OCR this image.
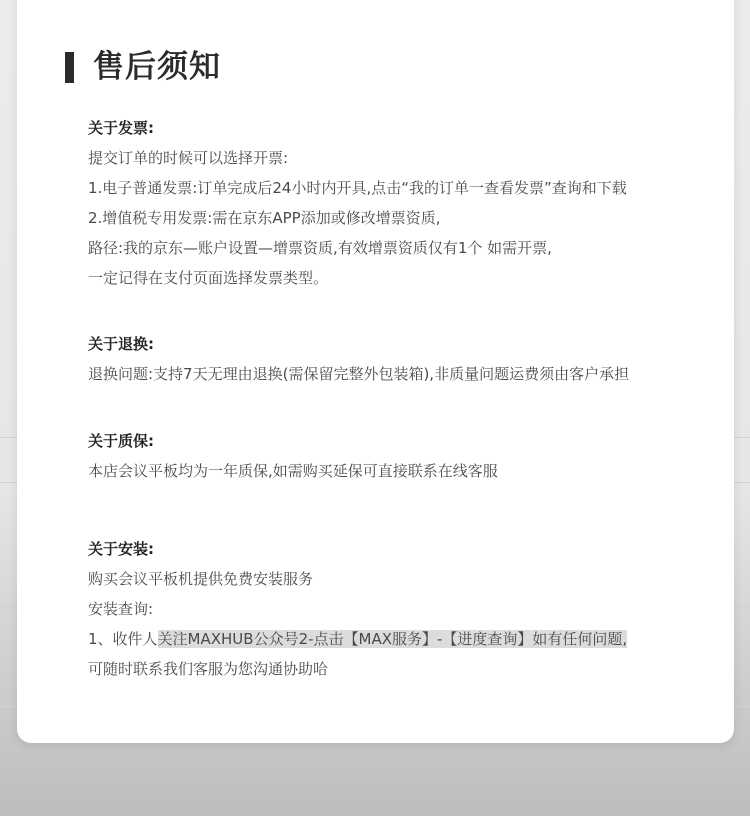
售后须知
关于发票:
提交订单的时候可以选择开票:
1.电子普通发票:订单完成后24小时内开具,点击“我的订单一查看发票”查询和下载
2.增值税专用发票:需在京东APP添加或修改增票资质,
路径:我的京东—账户设置—增票资质,有效增票资质仅有1个 如需开票,
一定记得在支付页面选择发票类型。
关于退换:
退换问题:支持7天无理由退换(需保留完整外包装箱),非质量问题运费须由客户承担
关于质保:
本店会议平板均为一年质保,如需购买延保可直接联系在线客服
关于安装:
购买会议平板机提供免费安装服务
安装查询:
1、收件人关注MAXHUB公众号2-点击【MAX服务】-【进度查询】如有任何问题,
可随时联系我们客服为您沟通协助哈
